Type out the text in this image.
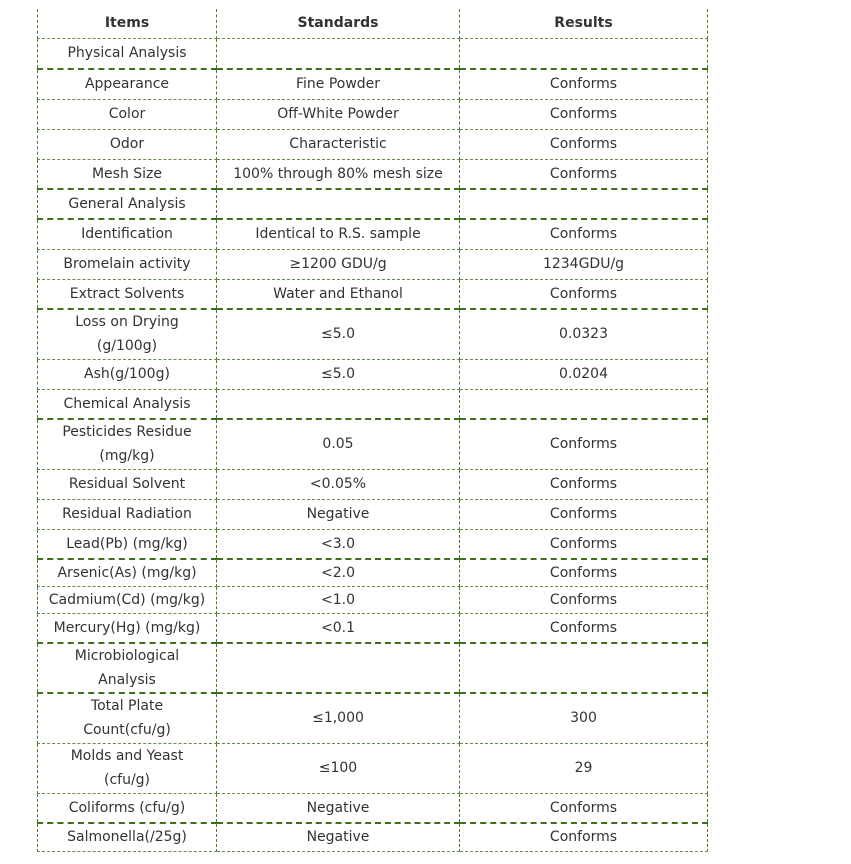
Items	Standards	Results
Physical Analysis		
Appearance	Fine Powder	Conforms
Color	Off-White Powder	Conforms
Odor	Characteristic	Conforms
Mesh Size	100% through 80% mesh size	Conforms
General Analysis		
Identification	Identical to R.S. sample	Conforms
Bromelain activity	≥1200 GDU/g	1234GDU/g
Extract Solvents	Water and Ethanol	Conforms
Loss on Drying (g/100g)	≤5.0	0.0323
Ash(g/100g)	≤5.0	0.0204
Chemical Analysis		
Pesticides Residue (mg/kg)	0.05	Conforms
Residual Solvent	<0.05%	Conforms
Residual Radiation	Negative	Conforms
Lead(Pb) (mg/kg)	<3.0	Conforms
Arsenic(As) (mg/kg)	<2.0	Conforms
Cadmium(Cd) (mg/kg)	<1.0	Conforms
Mercury(Hg) (mg/kg)	<0.1	Conforms
Microbiological Analysis		
Total Plate Count(cfu/g)	≤1,000	300
Molds and Yeast (cfu/g)	≤100	29
Coliforms (cfu/g)	Negative	Conforms
Salmonella(/25g)	Negative	Conforms
